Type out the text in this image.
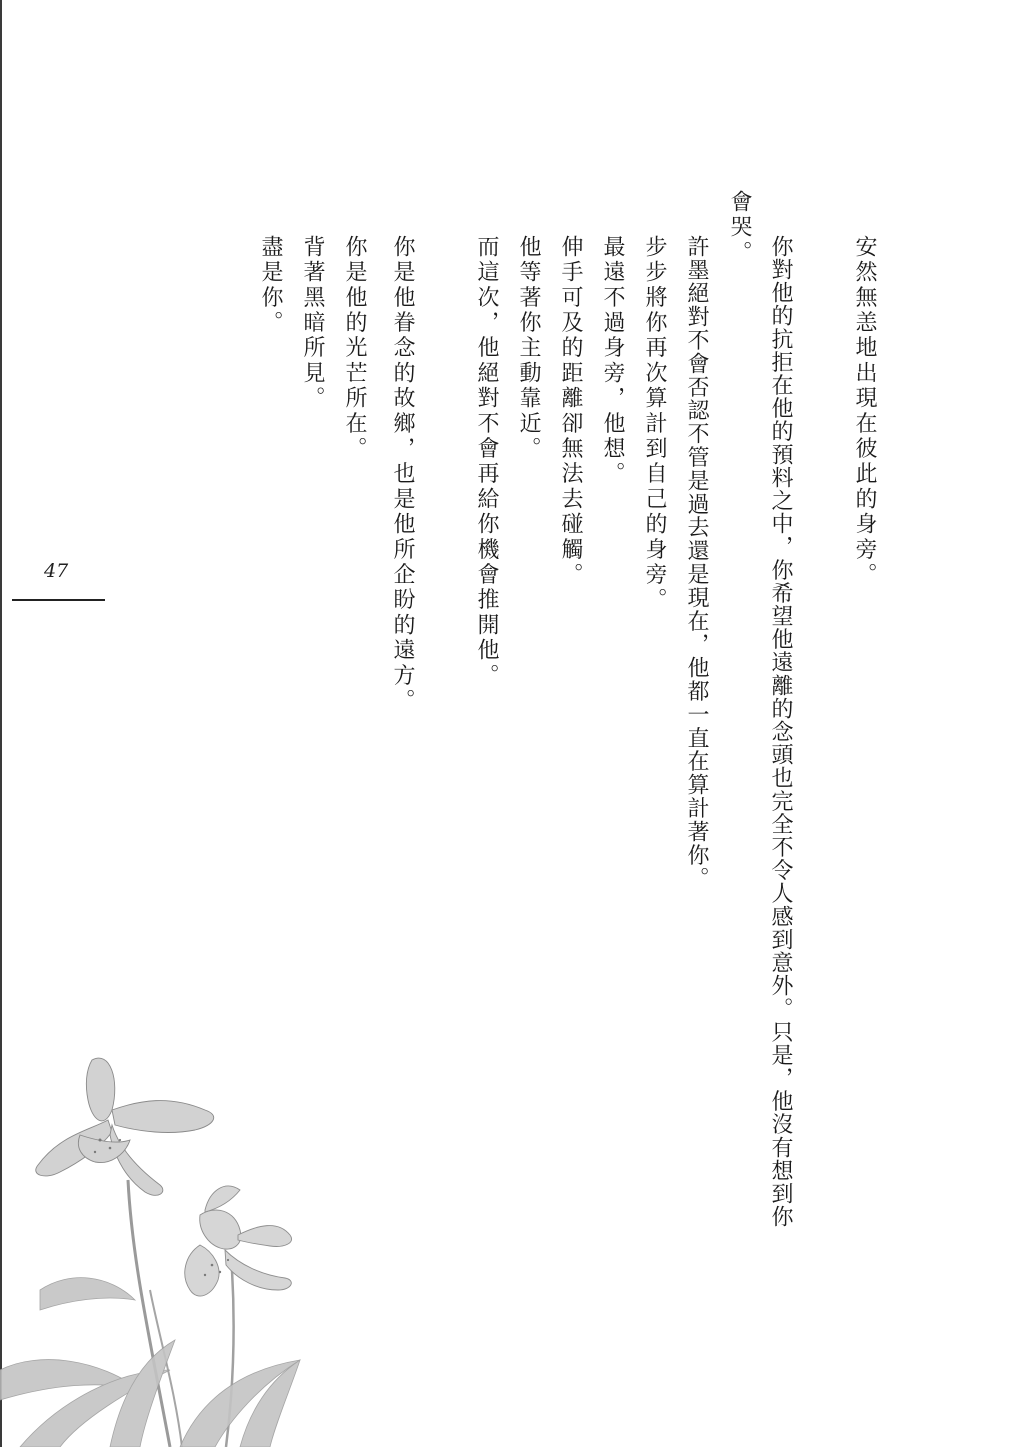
安然無恙地出現在彼此的身旁。
你對他的抗拒在他的預料之中，你希望他遠離的念頭也完全不令人感到意外。只是，他沒有想到你
會哭。
許墨絕對不會否認不管是過去還是現在，他都一直在算計著你。
步步將你再次算計到自己的身旁。
最遠不過身旁，他想。
伸手可及的距離卻無法去碰觸。
他等著你主動靠近。
而這次，他絕對不會再給你機會推開他。
你是他眷念的故鄉，也是他所企盼的遠方。
你是他的光芒所在。
背著黑暗所見。
盡是你。
47
